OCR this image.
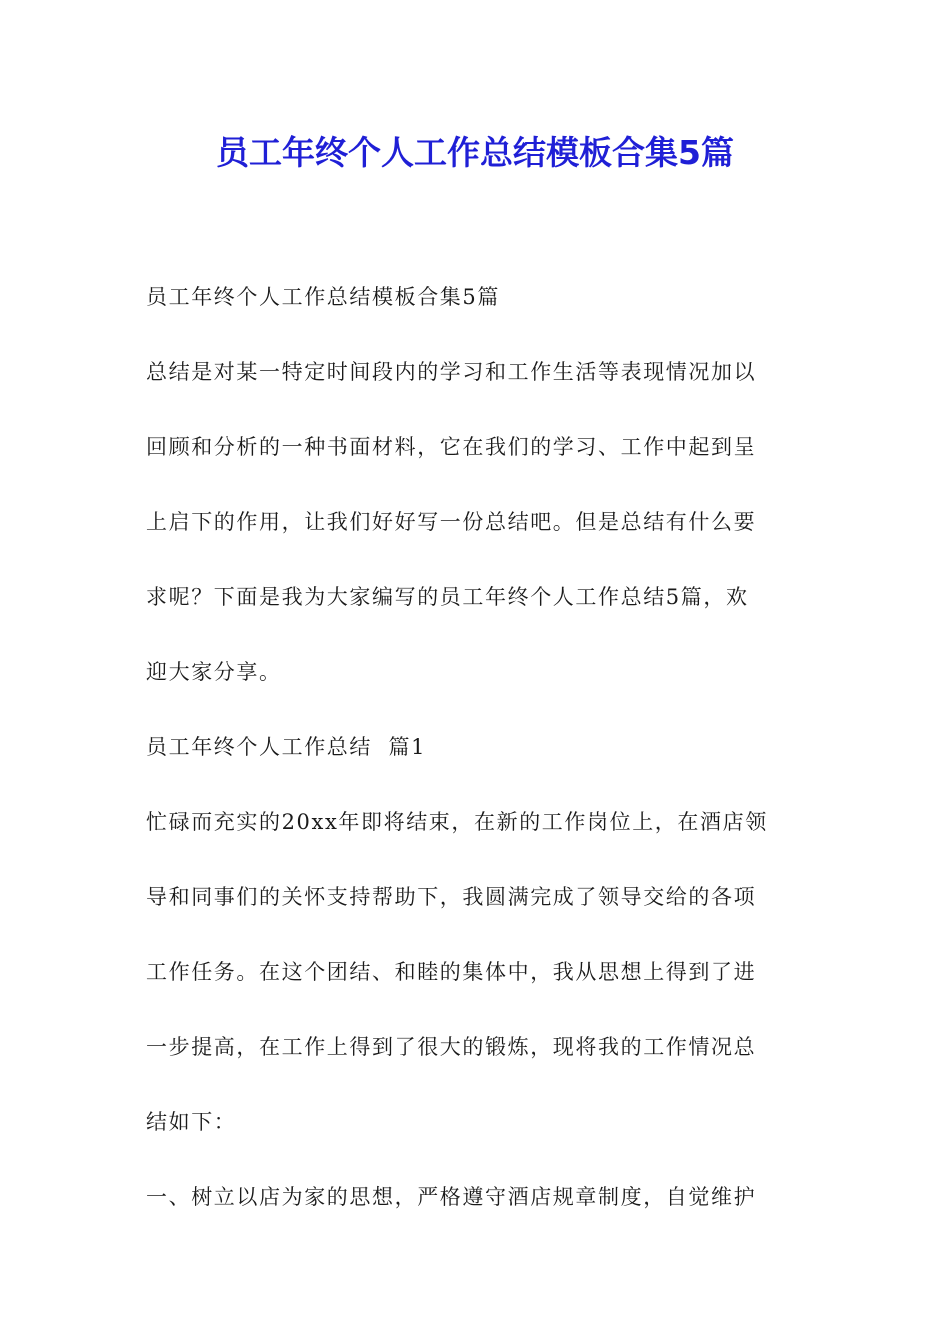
员工年终个人工作总结模板合集5篇

员工年终个人工作总结模板合集5篇

总结是对某一特定时间段内的学习和工作生活等表现情况加以
回顾和分析的一种书面材料，它在我们的学习、工作中起到呈
上启下的作用，让我们好好写一份总结吧。但是总结有什么要
求呢？下面是我为大家编写的员工年终个人工作总结5篇，欢
迎大家分享。

员工年终个人工作总结  篇1

忙碌而充实的20xx年即将结束，在新的工作岗位上，在酒店领
导和同事们的关怀支持帮助下，我圆满完成了领导交给的各项
工作任务。在这个团结、和睦的集体中，我从思想上得到了进
一步提高，在工作上得到了很大的锻炼，现将我的工作情况总
结如下：

一、树立以店为家的思想，严格遵守酒店规章制度，自觉维护
